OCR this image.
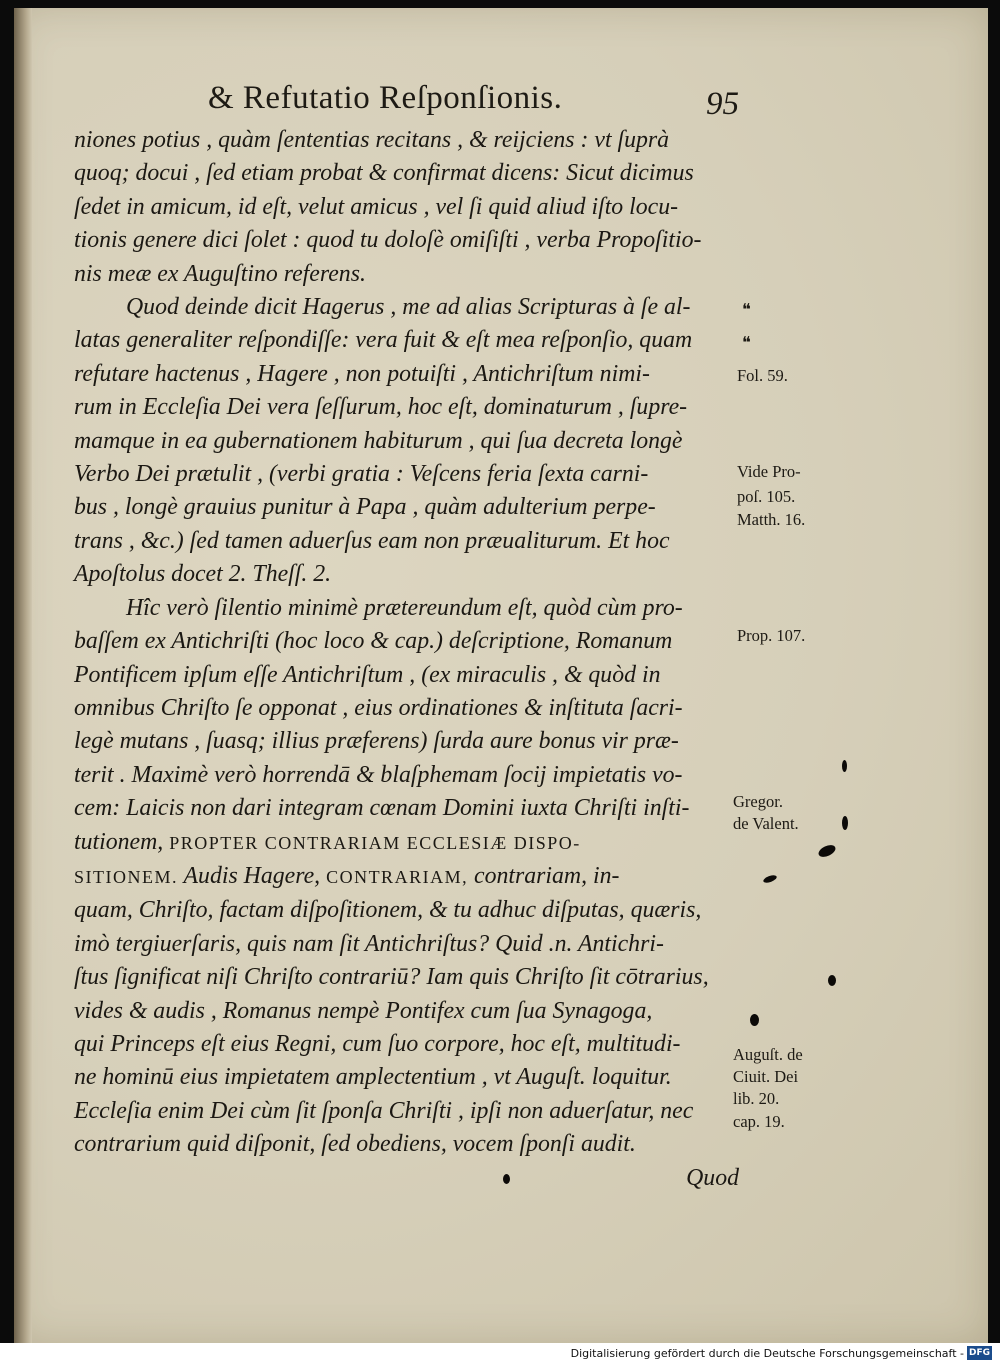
& Refutatio Reſponſionis.	95
niones potius , quàm ſententias recitans , & reijciens : vt ſuprà
quoq; docui , ſed etiam probat & confirmat dicens: Sicut dicimus
ſedet in amicum, id eſt, velut amicus , vel ſi quid aliud iſto locu-
tionis genere dici ſolet : quod tu doloſè omiſiſti , verba Propoſitio-
nis meæ ex Auguſtino referens.
Quod deinde dicit Hagerus , me ad alias Scripturas à ſe al-
latas generaliter reſpondiſſe: vera fuit & eſt mea reſponſio, quam
refutare hactenus , Hagere , non potuiſti , Antichriſtum nimi-
rum in Eccleſia Dei vera ſeſſurum, hoc eſt, dominaturum , ſupre-
mamque in ea gubernationem habiturum , qui ſua decreta longè
Verbo Dei prætulit , (verbi gratia : Veſcens feria ſexta carni-
bus , longè grauius punitur à Papa , quàm adulterium perpe-
trans , &c.) ſed tamen aduerſus eam non præualiturum. Et hoc
Apoſtolus docet 2. Theſſ. 2.
Hîc verò ſilentio minimè prætereundum eſt, quòd cùm pro-
baſſem ex Antichriſti (hoc loco & cap.) deſcriptione, Romanum
Pontificem ipſum eſſe Antichriſtum , (ex miraculis , & quòd in
omnibus Chriſto ſe opponat , eius ordinationes & inſtituta ſacri-
legè mutans , ſuasq; illius præferens) ſurda aure bonus vir præ-
terit . Maximè verò horrendā & blaſphemam ſocij impietatis vo-
cem: Laicis non dari integram cœnam Domini iuxta Chriſti inſti-
tutionem, PROPTER CONTRARIAM ECCLESIÆ DISPO-
SITIONEM. Audis Hagere, CONTRARIAM, contrariam, in-
quam, Chriſto, factam diſpoſitionem, & tu adhuc diſputas, quæris,
imò tergiuerſaris, quis nam ſit Antichriſtus? Quid .n. Antichri-
ſtus ſignificat niſi Chriſto contrariū? Iam quis Chriſto ſit cōtrarius,
vides & audis , Romanus nempè Pontifex cum ſua Synagoga,
qui Princeps eſt eius Regni, cum ſuo corpore, hoc eſt, multitudi-
ne hominū eius impietatem amplectentium , vt Auguſt. loquitur.
Eccleſia enim Dei cùm ſit ſponſa Chriſti , ipſi non aduerſatur, nec
contrarium quid diſponit, ſed obediens, vocem ſponſi audit.
Quod
❝
❝
Fol. 59.
Vide Pro-
poſ. 105.
Matth. 16.
Prop. 107.
Gregor.
de Valent.
Auguſt. de
Ciuit. Dei
lib. 20.
cap. 19.
Digitalisierung gefördert durch die Deutsche Forschungsgemeinschaft - DFG
